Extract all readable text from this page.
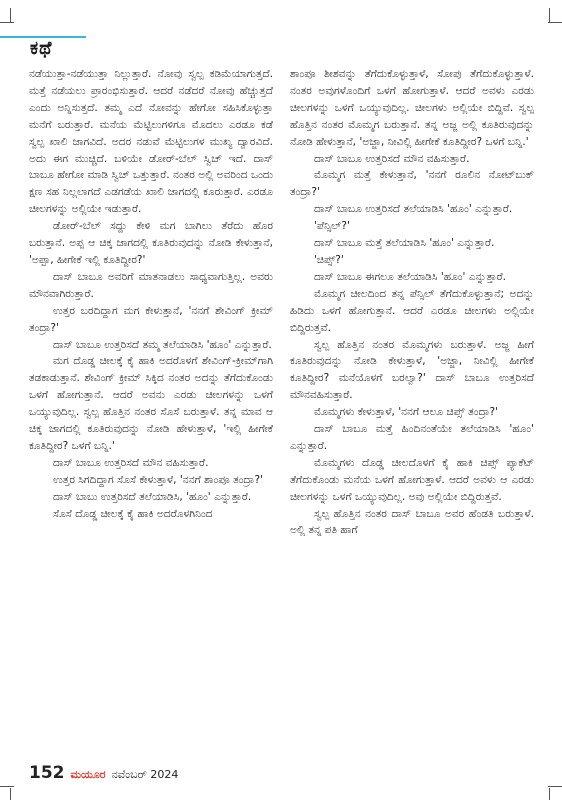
ಕಥೆ

ನಡೆಯುತ್ತಾ-ನಡೆಯುತ್ತಾ ನಿಲ್ಲುತ್ತಾರೆ. ನೋವು ಸ್ವಲ್ಪ ಕಡಿಮೆಯಾಗುತ್ತದೆ. ಮತ್ತೆ ನಡೆಯಲು ಪ್ರಾರಂಭಿಸುತ್ತಾರೆ. ಆದರೆ ನಡೆದರೆ ನೋವು ಹೆಚ್ಚುತ್ತದೆ ಎಂದು ಅನ್ನಿಸುತ್ತದೆ. ತಮ್ಮ ಎದೆ ನೋವನ್ನು ಹೇಗೋ ಸಹಿಸಿಕೊಳ್ಳುತ್ತಾ ಮನೆಗೆ ಬರುತ್ತಾರೆ. ಮನೆಯ ಮೆಟ್ಟಿಲುಗಳಿಗೂ ಮೊದಲು ಎರಡೂ ಕಡೆ ಸ್ವಲ್ಪ ಖಾಲಿ ಜಾಗವಿದೆ. ಅದರ ನಡುವೆ ಮೆಟ್ಟಿಲುಗಳ ಮುಖ್ಯ ದ್ವಾರವಿದೆ. ಅದು ಈಗ ಮುಚ್ಚಿದೆ. ಬಳಿಯೇ ಡೋರ್-ಬೆಲ್ ಸ್ವಿಚ್ ಇದೆ. ದಾಸ್ ಬಾಬೂ ಹೇಗೋ ಮಾಡಿ ಸ್ವಿಚ್ ಒತ್ತುತ್ತಾರೆ. ನಂತರ ಅಲ್ಲಿ ಅವರಿಂದ ಒಂದು ಕ್ಷಣ ಸಹ ನಿಲ್ಲಲಾಗದೆ ಎಡಗಡೆಯ ಖಾಲಿ ಜಾಗದಲ್ಲಿ ಕೂರುತ್ತಾರೆ. ಎರಡೂ ಚೀಲಗಳನ್ನು ಅಲ್ಲಿಯೇ ಇಡುತ್ತಾರೆ.

ಡೋರ್-ಬೆಲ್ ಸದ್ದು ಕೇಳಿ ಮಗ ಬಾಗಿಲು ತೆರೆದು ಹೊರ ಬರುತ್ತಾನೆ. ಅಪ್ಪ ಆ ಚಿಕ್ಕ ಜಾಗದಲ್ಲಿ ಕೂತಿರುವುದನ್ನು ನೋಡಿ ಕೇಳುತ್ತಾನೆ, 'ಅಪ್ಪಾ, ಹೀಗೇಕೆ ಇಲ್ಲಿ ಕೂತಿದ್ದೀರ?'

ದಾಸ್ ಬಾಬೂ ಅವರಿಗೆ ಮಾತನಾಡಲು ಸಾಧ್ಯವಾಗುತ್ತಿಲ್ಲ. ಅವರು ಮೌನವಾಗಿರುತ್ತಾರೆ.

ಉತ್ತರ ಬರದಿದ್ದಾಗ ಮಗ ಕೇಳುತ್ತಾನೆ, 'ನನಗೆ ಶೇವಿಂಗ್ ಕ್ರೀಮ್ ತಂದ್ರಾ?'

ದಾಸ್ ಬಾಬೂ ಉತ್ತರಿಸದೆ ತಮ್ಮ ತಲೆಯಾಡಿಸಿ 'ಹೂಂ' ಎನ್ನುತ್ತಾರೆ.

ಮಗ ದೊಡ್ಡ ಚೀಲಕ್ಕೆ ಕೈ ಹಾಕಿ ಅದರೊಳಗೆ ಶೇವಿಂಗ್-ಕ್ರೀಮ್‌ಗಾಗಿ ತಡಕಾಡುತ್ತಾನೆ. ಶೇವಿಂಗ್ ಕ್ರೀಮ್ ಸಿಕ್ಕಿದ ನಂತರ ಅದನ್ನು ತೆಗೆದುಕೊಂಡು ಒಳಗೆ ಹೋಗುತ್ತಾನೆ. ಆದರೆ ಅವನು ಎರಡು ಚೀಲಗಳನ್ನು ಒಳಗೆ ಒಯ್ಯುವುದಿಲ್ಲ. ಸ್ವಲ್ಪ ಹೊತ್ತಿನ ನಂತರ ಸೊಸೆ ಬರುತ್ತಾಳೆ. ತನ್ನ ಮಾವ ಆ ಚಿಕ್ಕ ಜಾಗದಲ್ಲಿ ಕೂತಿರುವುದನ್ನು ನೋಡಿ ಹೇಳುತ್ತಾಳೆ, 'ಇಲ್ಲಿ ಹೀಗೇಕೆ ಕೂತಿದ್ದೀರ? ಒಳಗೆ ಬನ್ನಿ.'

ದಾಸ್ ಬಾಬೂ ಉತ್ತರಿಸದೆ ಮೌನ ವಹಿಸುತ್ತಾರೆ.

ಉತ್ತರ ಸಿಗದಿದ್ದಾಗ ಸೊಸೆ ಕೇಳುತ್ತಾಳೆ, 'ನನಗೆ ಶಾಂಪೂ ತಂದ್ರಾ?'

ದಾಸ್ ಬಾಬು ಉತ್ತರಿಸದೆ ತಲೆಯಾಡಿಸಿ, 'ಹೂಂ' ಎನ್ನುತ್ತಾರೆ.

ಸೊಸೆ ದೊಡ್ಡ ಚೀಲಕ್ಕೆ ಕೈ ಹಾಕಿ ಅದರೊಳಗಿನಿಂದ

ಶಾಂಪೂ ಶೀಶವನ್ನು ತೆಗೆದುಕೊಳ್ಳುತ್ತಾಳೆ, ಸೋಪು ತೆಗೆದುಕೊಳ್ಳುತ್ತಾಳೆ. ನಂತರ ಅವುಗಳೊಂದಿಗೆ ಒಳಗೆ ಹೋಗುತ್ತಾಳೆ. ಆದರೆ ಅವಳು ಎರಡು ಚೀಲಗಳನ್ನು ಒಳಗೆ ಒಯ್ಯುವುದಿಲ್ಲ. ಚೀಲಗಳು ಅಲ್ಲಿಯೇ ಬಿದ್ದಿವೆ. ಸ್ವಲ್ಪ ಹೊತ್ತಿನ ನಂತರ ಮೊಮ್ಮಗ ಬರುತ್ತಾನೆ. ತನ್ನ ಅಜ್ಜ ಅಲ್ಲಿ ಕೂತಿರುವುದನ್ನು ನೋಡಿ ಹೇಳುತ್ತಾನೆ, 'ಅಜ್ಜಾ, ನೀವಿಲ್ಲಿ ಹೀಗೇಕೆ ಕೂತಿದ್ದೀರ? ಒಳಗೆ ಬನ್ನಿ.'

ದಾಸ್ ಬಾಬೂ ಉತ್ತರಿಸದೆ ಮೌನ ವಹಿಸುತ್ತಾರೆ.

ಮೊಮ್ಮಗ ಮತ್ತೆ ಕೇಳುತ್ತಾನೆ, 'ನನಗೆ ರೂಲಿನ ನೋಟ್‌ಬುಕ್ ತಂದ್ರಾ?'

ದಾಸ್ ಬಾಬೂ ಉತ್ತರಿಸದೆ ತಲೆಯಾಡಿಸಿ 'ಹೂಂ' ಎನ್ನುತ್ತಾರೆ.

'ಪೆನ್ಸಿಲ್?'

ದಾಸ್ ಬಾಬೂ ಮತ್ತೆ ತಲೆಯಾಡಿಸಿ 'ಹೂಂ' ಎನ್ನುತ್ತಾರೆ.

'ಚಿಪ್ಸ್?'

ದಾಸ್ ಬಾಬೂ ಈಗಲೂ ತಲೆಯಾಡಿಸಿ 'ಹೂಂ' ಎನ್ನುತ್ತಾರೆ.

ಮೊಮ್ಮಗ ಚೀಲದಿಂದ ತನ್ನ ಪೆನ್ಸಿಲ್ ತೆಗೆದುಕೊಳ್ಳುತ್ತಾನೆ; ಅದನ್ನು ಹಿಡಿದು ಒಳಗೆ ಹೋಗುತ್ತಾನೆ. ಆದರೆ ಎರಡೂ ಚೀಲಗಳು ಅಲ್ಲಿಯೇ ಬಿದ್ದಿರುತ್ತವೆ.

ಸ್ವಲ್ಪ ಹೊತ್ತಿನ ನಂತರ ಮೊಮ್ಮಗಳು ಬರುತ್ತಾಳೆ. ಅಜ್ಜ ಹೀಗೆ ಕೂತಿರುವುದನ್ನು ನೋಡಿ ಕೇಳುತ್ತಾಳೆ, 'ಅಜ್ಜಾ, ನೀವಿಲ್ಲಿ ಹೀಗೇಕೆ ಕೂತಿದ್ದೀರ? ಮನೆಯೊಳಗೆ ಬರಲ್ವಾ?' ದಾಸ್ ಬಾಬೂ ಉತ್ತರಿಸದೆ ಮೌನವಹಿಸುತ್ತಾರೆ.

ಮೊಮ್ಮಗಳು ಕೇಳುತ್ತಾಳೆ, 'ನನಗೆ ಆಲೂ ಚಿಪ್ಸ್ ತಂದ್ರಾ?'

ದಾಸ್ ಬಾಬೂ ಮತ್ತೆ ಹಿಂದಿನಂತೆಯೇ ತಲೆಯಾಡಿಸಿ 'ಹೂಂ' ಎನ್ನುತ್ತಾರೆ.

ಮೊಮ್ಮಗಳು ದೊಡ್ಡ ಚೀಲದೊಳಗೆ ಕೈ ಹಾಕಿ ಚಿಪ್ಸ್ ಪ್ಯಾಕೆಟ್ ತೆಗೆದುಕೊಂಡು ಮನೆಯ ಒಳಗೆ ಹೋಗುತ್ತಾಳೆ. ಆದರೆ ಅವಳು ಆ ಎರಡು ಚೀಲಗಳನ್ನು ಒಳಗೆ ಒಯ್ಯುವುದಿಲ್ಲ. ಅವು ಅಲ್ಲಿಯೇ ಬಿದ್ದಿರುತ್ತವೆ.

ಸ್ವಲ್ಪ ಹೊತ್ತಿನ ನಂತರ ದಾಸ್ ಬಾಬೂ ಅವರ ಹೆಂಡತಿ ಬರುತ್ತಾಳೆ. ಅಲ್ಲಿ ತನ್ನ ಪತಿ ಹಾಗೆ

152 ಮಯೂರ ನವೆಂಬರ್ 2024
